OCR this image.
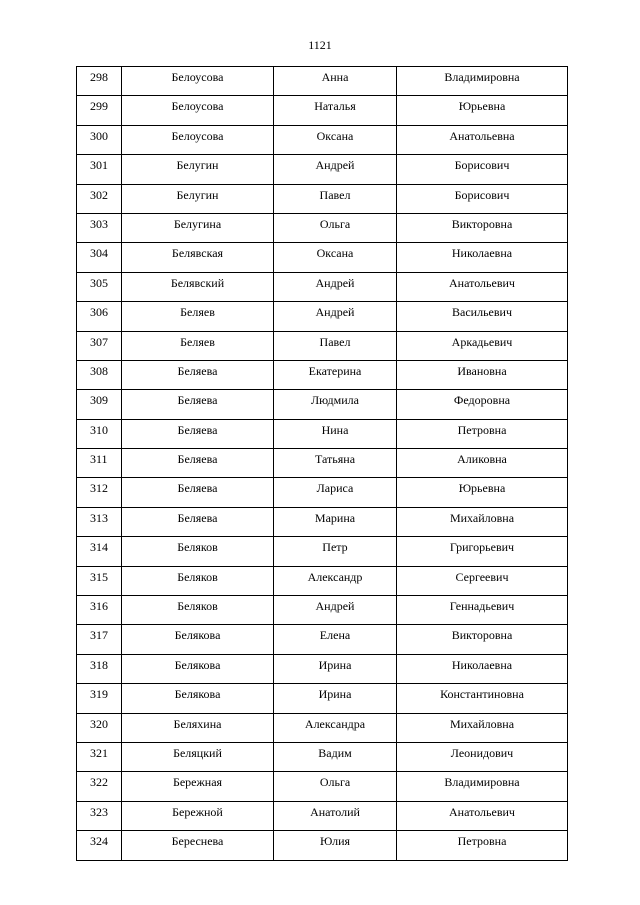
1121
298	Белоусова	Анна	Владимировна

299	Белоусова	Наталья	Юрьевна

300	Белоусова	Оксана	Анатольевна

301	Белугин	Андрей	Борисович

302	Белугин	Павел	Борисович

303	Белугина	Ольга	Викторовна

304	Белявская	Оксана	Николаевна

305	Белявский	Андрей	Анатольевич

306	Беляев	Андрей	Васильевич

307	Беляев	Павел	Аркадьевич

308	Беляева	Екатерина	Ивановна

309	Беляева	Людмила	Федоровна

310	Беляева	Нина	Петровна

311	Беляева	Татьяна	Аликовна

312	Беляева	Лариса	Юрьевна

313	Беляева	Марина	Михайловна

314	Беляков	Петр	Григорьевич

315	Беляков	Александр	Сергеевич

316	Беляков	Андрей	Геннадьевич

317	Белякова	Елена	Викторовна

318	Белякова	Ирина	Николаевна

319	Белякова	Ирина	Константиновна

320	Беляхина	Александра	Михайловна

321	Беляцкий	Вадим	Леонидович

322	Бережная	Ольга	Владимировна

323	Бережной	Анатолий	Анатольевич

324	Береснева	Юлия	Петровна
